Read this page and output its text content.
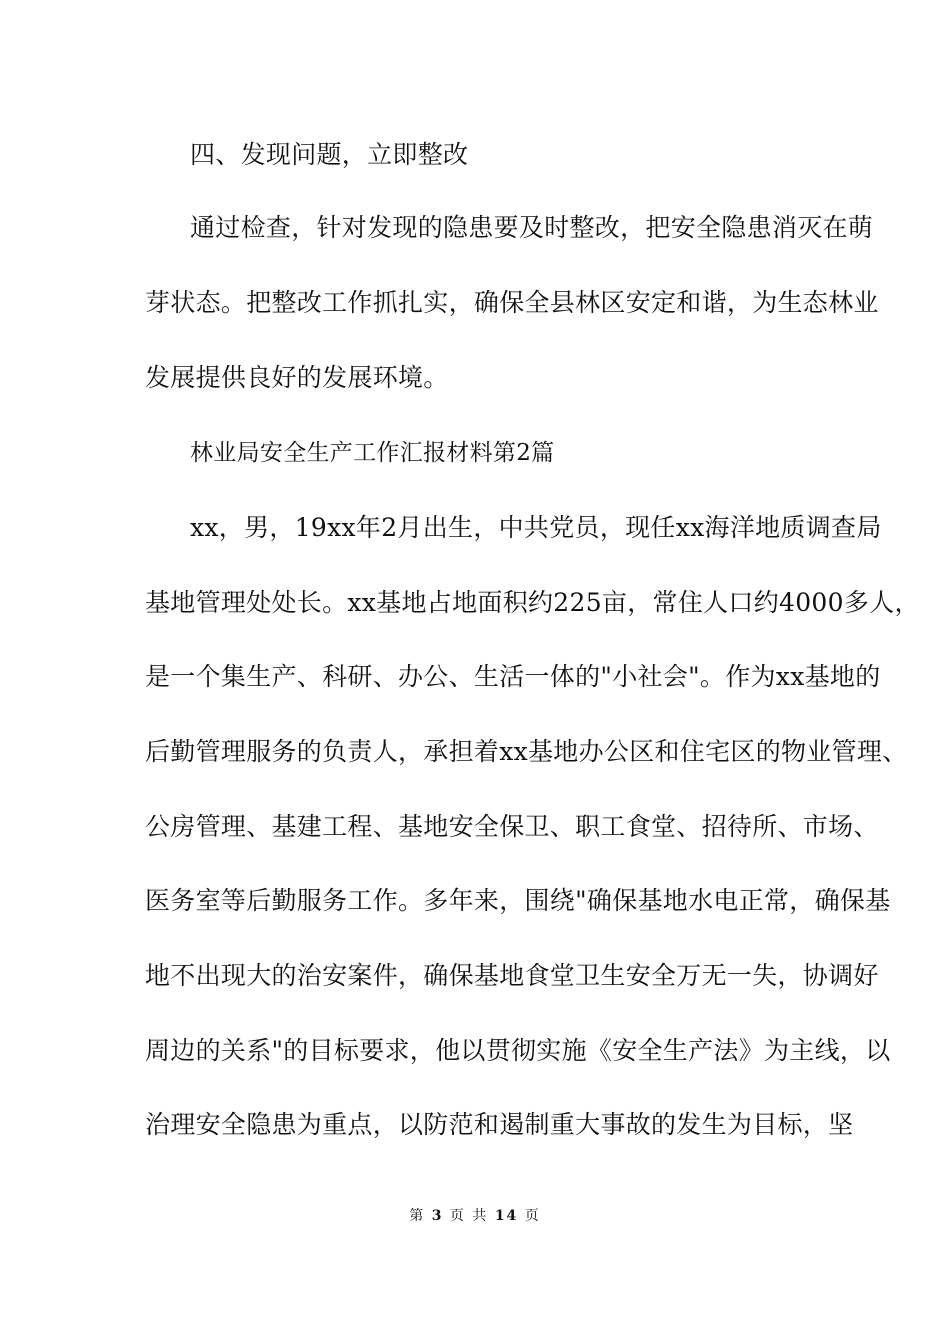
四、发现问题，立即整改
通过检查，针对发现的隐患要及时整改，把安全隐患消灭在萌
芽状态。把整改工作抓扎实，确保全县林区安定和谐，为生态林业
发展提供良好的发展环境。
林业局安全生产工作汇报材料第2篇
xx，男，19xx年2月出生，中共党员，现任xx海洋地质调查局
基地管理处处长。xx基地占地面积约225亩，常住人口约4000多人，
是一个集生产、科研、办公、生活一体的"小社会"。作为xx基地的
后勤管理服务的负责人，承担着xx基地办公区和住宅区的物业管理、
公房管理、基建工程、基地安全保卫、职工食堂、招待所、市场、
医务室等后勤服务工作。多年来，围绕"确保基地水电正常，确保基
地不出现大的治安案件，确保基地食堂卫生安全万无一失，协调好
周边的关系"的目标要求，他以贯彻实施《安全生产法》为主线，以
治理安全隐患为重点，以防范和遏制重大事故的发生为目标，坚
第 3 页 共 14 页
